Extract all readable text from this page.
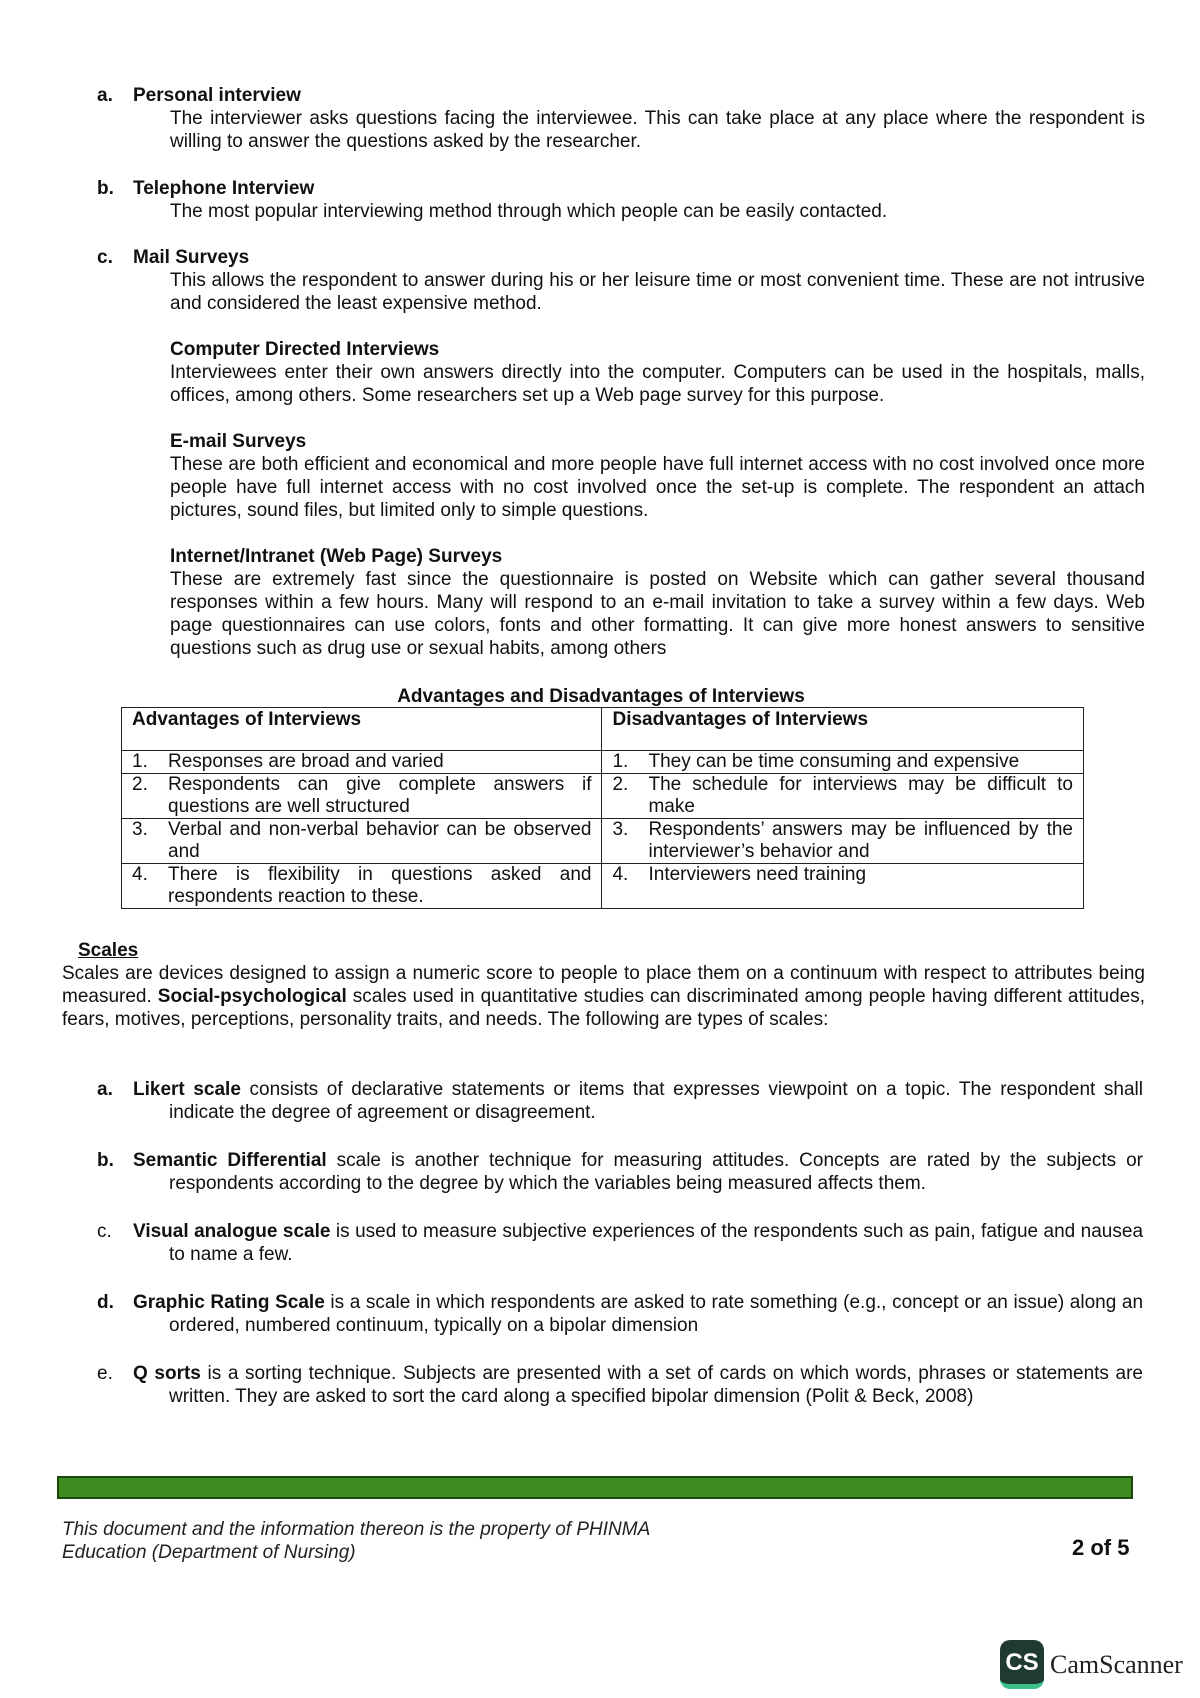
a. Personal interview
The interviewer asks questions facing the interviewee. This can take place at any place where the respondent is willing to answer the questions asked by the researcher.
b. Telephone Interview
The most popular interviewing method through which people can be easily contacted.
c. Mail Surveys
This allows the respondent to answer during his or her leisure time or most convenient time. These are not intrusive and considered the least expensive method.
Computer Directed Interviews
Interviewees enter their own answers directly into the computer. Computers can be used in the hospitals, malls, offices, among others. Some researchers set up a Web page survey for this purpose.
E-mail Surveys
These are both efficient and economical and more people have full internet access with no cost involved once more people have full internet access with no cost involved once the set-up is complete. The respondent an attach pictures, sound files, but limited only to simple questions.
Internet/Intranet (Web Page) Surveys
These are extremely fast since the questionnaire is posted on Website which can gather several thousand responses within a few hours. Many will respond to an e-mail invitation to take a survey within a few days. Web page questionnaires can use colors, fonts and other formatting. It can give more honest answers to sensitive questions such as drug use or sexual habits, among others
Advantages and Disadvantages of Interviews
Advantages of Interviews	Disadvantages of Interviews

1. Responses are broad and varied	1. They can be time consuming and expensive

2. Respondents can give complete answers if questions are well structured	2. The schedule for interviews may be difficult to make

3. Verbal and non-verbal behavior can be observed and	3. Respondents’ answers may be influenced by the interviewer’s behavior and

4. There is flexibility in questions asked and respondents reaction to these.	4. Interviewers need training
Scales
Scales are devices designed to assign a numeric score to people to place them on a continuum with respect to attributes being measured. Social-psychological scales used in quantitative studies can discriminated among people having different attitudes, fears, motives, perceptions, personality traits, and needs. The following are types of scales:
a. Likert scale consists of declarative statements or items that expresses viewpoint on a topic. The respondent shall indicate the degree of agreement or disagreement.
b. Semantic Differential scale is another technique for measuring attitudes. Concepts are rated by the subjects or respondents according to the degree by which the variables being measured affects them.
c. Visual analogue scale is used to measure subjective experiences of the respondents such as pain, fatigue and nausea to name a few.
d. Graphic Rating Scale is a scale in which respondents are asked to rate something (e.g., concept or an issue) along an ordered, numbered continuum, typically on a bipolar dimension
e. Q sorts is a sorting technique. Subjects are presented with a set of cards on which words, phrases or statements are written. They are asked to sort the card along a specified bipolar dimension (Polit & Beck, 2008)
This document and the information thereon is the property of PHINMA
Education (Department of Nursing)	2 of 5
CS CamScanner
